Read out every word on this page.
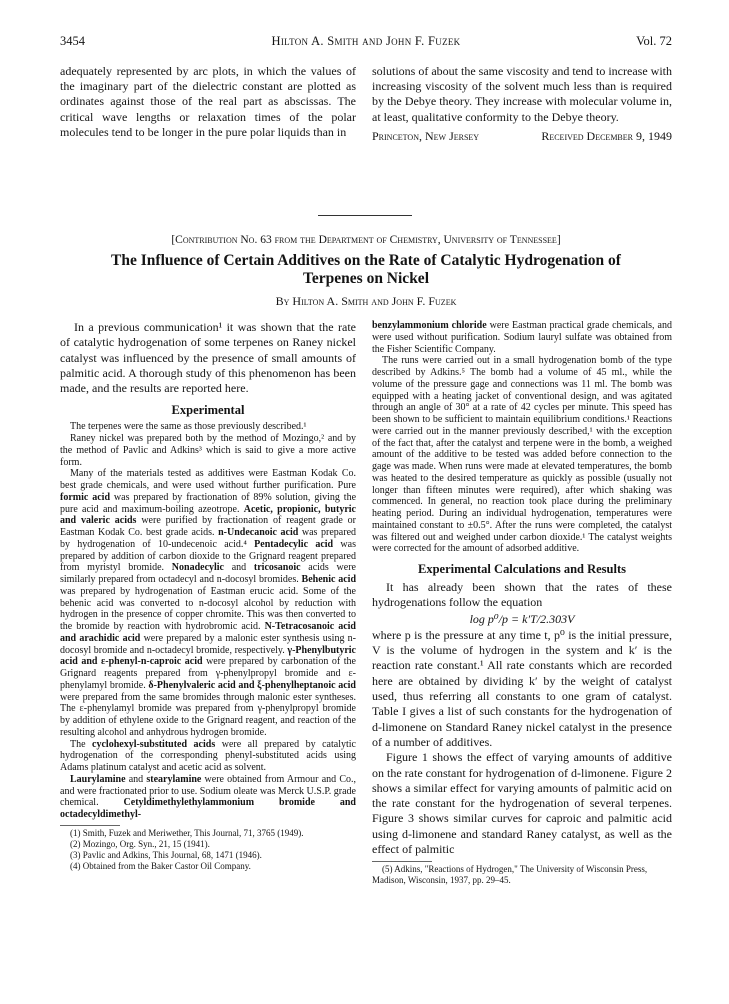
3454	Hilton A. Smith and John F. Fuzek	Vol. 72

adequately represented by arc plots, in which the values of the imaginary part of the dielectric constant are plotted as ordinates against those of the real part as abscissas. The critical wave lengths or relaxation times of the polar molecules tend to be longer in the pure polar liquids than in

solutions of about the same viscosity and tend to increase with increasing viscosity of the solvent much less than is required by the Debye theory. They increase with molecular volume in, at least, qualitative conformity to the Debye theory.

Princeton, New Jersey	Received December 9, 1949

[Contribution No. 63 from the Department of Chemistry, University of Tennessee]
The Influence of Certain Additives on the Rate of Catalytic Hydrogenation of Terpenes on Nickel
By Hilton A. Smith and John F. Fuzek

In a previous communication¹ it was shown that the rate of catalytic hydrogenation of some terpenes on Raney nickel catalyst was influenced by the presence of small amounts of palmitic acid. A thorough study of this phenomenon has been made, and the results are reported here.

Experimental

The terpenes were the same as those previously described.¹

Raney nickel was prepared both by the method of Mozingo,² and by the method of Pavlic and Adkins³ which is said to give a more active form.

Many of the materials tested as additives were Eastman Kodak Co. best grade chemicals, and were used without further purification. Pure formic acid was prepared by fractionation of 89% solution, giving the pure acid and maximum-boiling azeotrope. Acetic, propionic, butyric and valeric acids were purified by fractionation of reagent grade or Eastman Kodak Co. best grade acids. n-Undecanoic acid was prepared by hydrogenation of 10-undecenoic acid.⁴ Pentadecylic acid was prepared by addition of carbon dioxide to the Grignard reagent prepared from myristyl bromide. Nonadecylic and tricosanoic acids were similarly prepared from octadecyl and n-docosyl bromides. Behenic acid was prepared by hydrogenation of Eastman erucic acid. Some of the behenic acid was converted to n-docosyl alcohol by reduction with hydrogen in the presence of copper chromite. This was then converted to the bromide by reaction with hydrobromic acid. N-Tetracosanoic acid and arachidic acid were prepared by a malonic ester synthesis using n-docosyl bromide and n-octadecyl bromide, respectively. γ-Phenylbutyric acid and ε-phenyl-n-caproic acid were prepared by carbonation of the Grignard reagents prepared from γ-phenylpropyl bromide and ε-phenylamyl bromide. δ-Phenylvaleric acid and ξ-phenylheptanoic acid were prepared from the same bromides through malonic ester syntheses. The ε-phenylamyl bromide was prepared from γ-phenylpropyl bromide by addition of ethylene oxide to the Grignard reagent, and reaction of the resulting alcohol and anhydrous hydrogen bromide.

The cyclohexyl-substituted acids were all prepared by catalytic hydrogenation of the corresponding phenyl-substituted acids using Adams platinum catalyst and acetic acid as solvent.

Laurylamine and stearylamine were obtained from Armour and Co., and were fractionated prior to use. Sodium oleate was Merck U.S.P. grade chemical. Cetyldimethylethylammonium bromide and octadecyldimethyl-

(1) Smith, Fuzek and Meriwether, This Journal, 71, 3765 (1949).
(2) Mozingo, Org. Syn., 21, 15 (1941).
(3) Pavlic and Adkins, This Journal, 68, 1471 (1946).
(4) Obtained from the Baker Castor Oil Company.

benzylammonium chloride were Eastman practical grade chemicals, and were used without purification. Sodium lauryl sulfate was obtained from the Fisher Scientific Company.

The runs were carried out in a small hydrogenation bomb of the type described by Adkins.⁵ The bomb had a volume of 45 ml., while the volume of the pressure gage and connections was 11 ml. The bomb was equipped with a heating jacket of conventional design, and was agitated through an angle of 30° at a rate of 42 cycles per minute. This speed has been shown to be sufficient to maintain equilibrium conditions.¹ Reactions were carried out in the manner previously described,¹ with the exception of the fact that, after the catalyst and terpene were in the bomb, a weighed amount of the additive to be tested was added before connection to the gage was made. When runs were made at elevated temperatures, the bomb was heated to the desired temperature as quickly as possible (usually not longer than fifteen minutes were required), after which shaking was commenced. In general, no reaction took place during the preliminary heating period. During an individual hydrogenation, temperatures were maintained constant to ±0.5°. After the runs were completed, the catalyst was filtered out and weighed under carbon dioxide.¹ The catalyst weights were corrected for the amount of adsorbed additive.

Experimental Calculations and Results

It has already been shown that the rates of these hydrogenations follow the equation

log p⁰/p = k′T/2.303V

where p is the pressure at any time t, p⁰ is the initial pressure, V is the volume of hydrogen in the system and k′ is the reaction rate constant.¹ All rate constants which are recorded here are obtained by dividing k′ by the weight of catalyst used, thus referring all constants to one gram of catalyst. Table I gives a list of such constants for the hydrogenation of d-limonene on Standard Raney nickel catalyst in the presence of a number of additives.

Figure 1 shows the effect of varying amounts of additive on the rate constant for hydrogenation of d-limonene. Figure 2 shows a similar effect for varying amounts of palmitic acid on the rate constant for the hydrogenation of several terpenes. Figure 3 shows similar curves for caproic and palmitic acid using d-limonene and standard Raney catalyst, as well as the effect of palmitic

(5) Adkins, "Reactions of Hydrogen," The University of Wisconsin Press, Madison, Wisconsin, 1937, pp. 29–45.
